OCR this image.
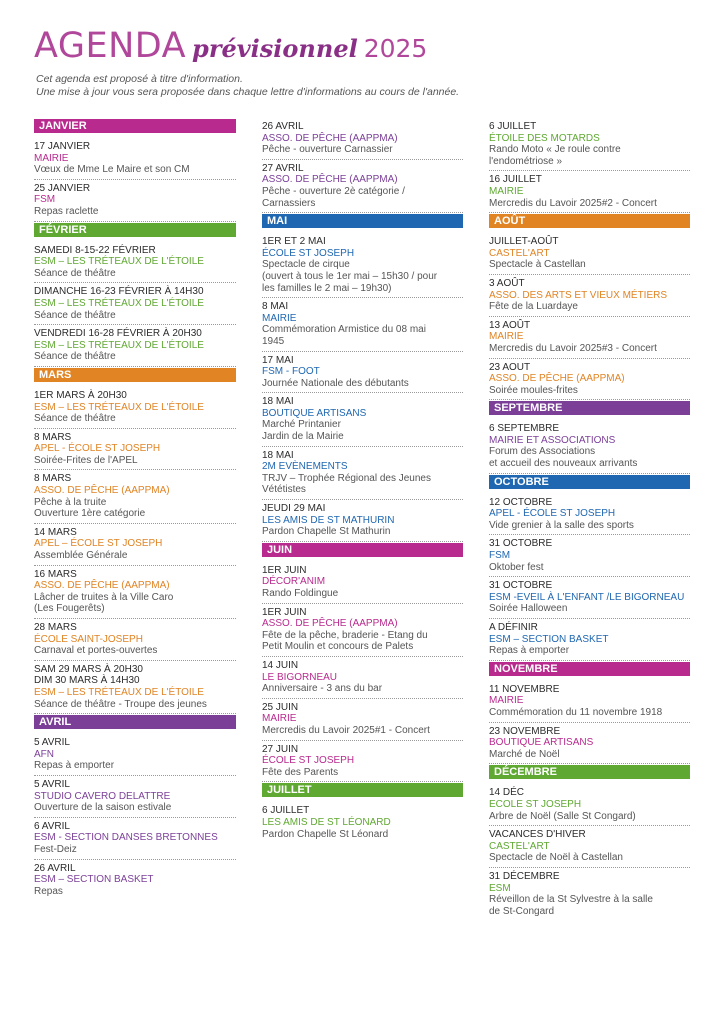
AGENDA prévisionnel 2025
Cet agenda est proposé à titre d'information.
Une mise à jour vous sera proposée dans chaque lettre d'informations au cours de l'année.
JANVIER
17 JANVIER
MAIRIE
Vœux de Mme Le Maire et son CM
25 JANVIER
FSM
Repas raclette
FÉVRIER
SAMEDI 8-15-22 FÉVRIER
ESM – LES TRÉTEAUX DE L'ÉTOILE
Séance de théâtre
DIMANCHE 16-23 FÉVRIER À 14H30
ESM – LES TRÉTEAUX DE L'ÉTOILE
Séance de théâtre
VENDREDI 16-28 FÉVRIER À 20H30
ESM – LES TRÉTEAUX DE L'ÉTOILE
Séance de théâtre
MARS
1ER MARS À 20H30
ESM – LES TRÉTEAUX DE L'ÉTOILE
Séance de théâtre
8 MARS
APEL - ÉCOLE ST JOSEPH
Soirée-Frites de l'APEL
8 MARS
ASSO. DE PÊCHE (AAPPMA)
Pêche à la truite
Ouverture 1ère catégorie
14 MARS
APEL – ÉCOLE ST JOSEPH
Assemblée Générale
16 MARS
ASSO. DE PÊCHE (AAPPMA)
Lâcher de truites à la Ville Caro
(Les Fougerêts)
28 MARS
ÉCOLE SAINT-JOSEPH
Carnaval et portes-ouvertes
SAM 29 MARS À 20H30
DIM 30 MARS À 14H30
ESM – LES TRÉTEAUX DE L'ÉTOILE
Séance de théâtre - Troupe des jeunes
AVRIL
5 AVRIL
AFN
Repas à emporter
5 AVRIL
STUDIO CAVERO DELATTRE
Ouverture de la saison estivale
6 AVRIL
ESM - SECTION DANSES BRETONNES
Fest-Deiz
26 AVRIL
ESM – SECTION BASKET
Repas
26 AVRIL
ASSO. DE PÊCHE (AAPPMA)
Pêche - ouverture Carnassier
27 AVRIL
ASSO. DE PÊCHE (AAPPMA)
Pêche - ouverture 2è catégorie /
Carnassiers
MAI
1ER ET 2 MAI
ÉCOLE ST JOSEPH
Spectacle de cirque
(ouvert à tous le 1er mai – 15h30 / pour
les familles le 2 mai – 19h30)
8 MAI
MAIRIE
Commémoration Armistice du 08 mai
1945
17 MAI
FSM - FOOT
Journée Nationale des débutants
18 MAI
BOUTIQUE ARTISANS
Marché Printanier
Jardin de la Mairie
18 MAI
2M EVÈNEMENTS
TRJV – Trophée Régional des Jeunes
Vététistes
JEUDI 29 MAI
LES AMIS DE ST MATHURIN
Pardon Chapelle St Mathurin
JUIN
1ER JUIN
DÉCOR'ANIM
Rando Foldingue
1ER JUIN
ASSO. DE PÊCHE (AAPPMA)
Fête de la pêche, braderie - Etang du
Petit Moulin et concours de Palets
14 JUIN
LE BIGORNEAU
Anniversaire - 3 ans du bar
25 JUIN
MAIRIE
Mercredis du Lavoir 2025#1 - Concert
27 JUIN
ÉCOLE ST JOSEPH
Fête des Parents
JUILLET
6 JUILLET
LES AMIS DE ST LÉONARD
Pardon Chapelle St Léonard
6 JUILLET
ÉTOILE DES MOTARDS
Rando Moto « Je roule contre
l'endométriose »
16 JUILLET
MAIRIE
Mercredis du Lavoir 2025#2 - Concert
AOÛT
JUILLET-AOÛT
CASTEL'ART
Spectacle à Castellan
3 AOÛT
ASSO. DES ARTS ET VIEUX MÉTIERS
Fête de la Luardaye
13 AOÛT
MAIRIE
Mercredis du Lavoir 2025#3 - Concert
23 AOUT
ASSO. DE PÊCHE (AAPPMA)
Soirée moules-frites
SEPTEMBRE
6 SEPTEMBRE
MAIRIE ET ASSOCIATIONS
Forum des Associations
et accueil des nouveaux arrivants
OCTOBRE
12 OCTOBRE
APEL - ÉCOLE ST JOSEPH
Vide grenier à la salle des sports
31 OCTOBRE
FSM
Oktober fest
31 OCTOBRE
ESM -EVEIL À L'ENFANT /LE BIGORNEAU
Soirée Halloween
A DÉFINIR
ESM – SECTION BASKET
Repas à emporter
NOVEMBRE
11 NOVEMBRE
MAIRIE
Commémoration du 11 novembre 1918
23 NOVEMBRE
BOUTIQUE ARTISANS
Marché de Noël
DÉCEMBRE
14 DÉC
ECOLE ST JOSEPH
Arbre de Noël (Salle St Congard)
VACANCES D'HIVER
CASTEL'ART
Spectacle de Noël à Castellan
31 DÉCEMBRE
ESM
Réveillon de la St Sylvestre à la salle
de St-Congard
